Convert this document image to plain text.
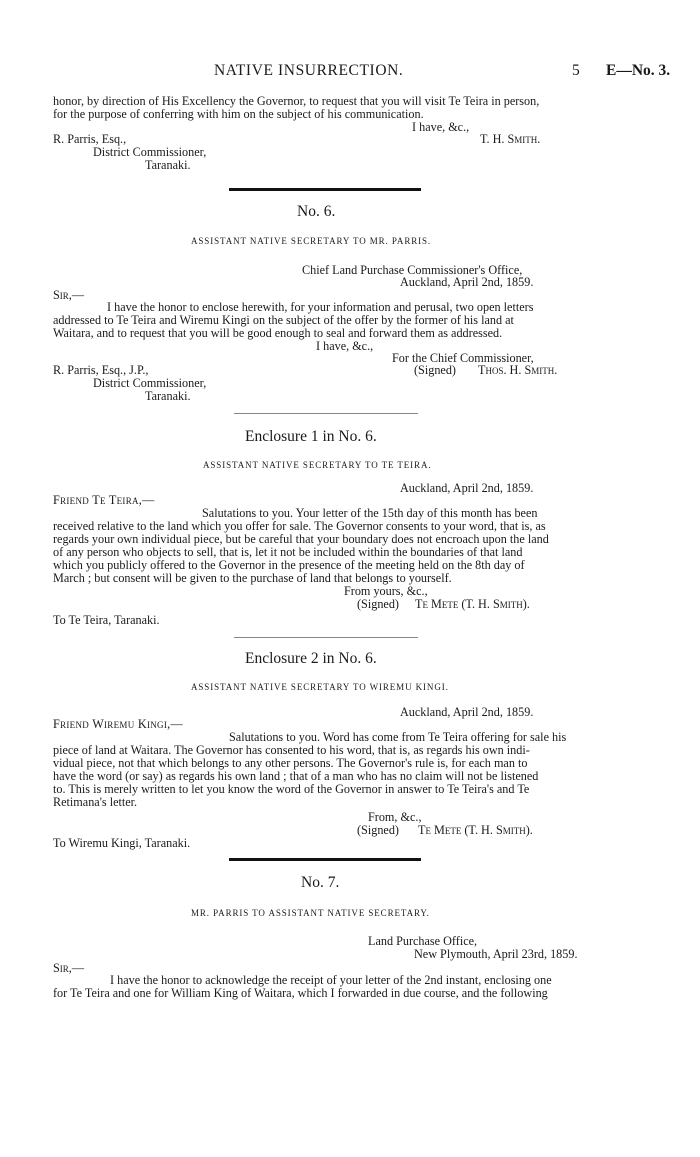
NATIVE INSURRECTION.	5 E—No. 3.
honor, by direction of His Excellency the Governor, to request that you will visit Te Teira in person,
for the purpose of conferring with him on the subject of his communication.
I have, &c.,
T. H. Smith.
R. Parris, Esq.,
District Commissioner,
Taranaki.
No. 6.
ASSISTANT NATIVE SECRETARY TO MR. PARRIS.
Chief Land Purchase Commissioner's Office,
Auckland, April 2nd, 1859.
Sir,—
I have the honor to enclose herewith, for your information and perusal, two open letters
addressed to Te Teira and Wiremu Kingi on the subject of the offer by the former of his land at
Waitara, and to request that you will be good enough to seal and forward them as addressed.
I have, &c.,
For the Chief Commissioner,
(Signed) Thos. H. Smith.
R. Parris, Esq., J.P.,
District Commissioner,
Taranaki.
Enclosure 1 in No. 6.
ASSISTANT NATIVE SECRETARY TO TE TEIRA.
Auckland, April 2nd, 1859.
Friend Te Teira,—
Salutations to you. Your letter of the 15th day of this month has been
received relative to the land which you offer for sale. The Governor consents to your word, that is, as
regards your own individual piece, but be careful that your boundary does not encroach upon the land
of any person who objects to sell, that is, let it not be included within the boundaries of that land
which you publicly offered to the Governor in the presence of the meeting held on the 8th day of
March ; but consent will be given to the purchase of land that belongs to yourself.
From yours, &c.,
(Signed) Te Mete (T. H. Smith).
To Te Teira, Taranaki.
Enclosure 2 in No. 6.
ASSISTANT NATIVE SECRETARY TO WIREMU KINGI.
Auckland, April 2nd, 1859.
Friend Wiremu Kingi,—
Salutations to you. Word has come from Te Teira offering for sale his
piece of land at Waitara. The Governor has consented to his word, that is, as regards his own indi-
vidual piece, not that which belongs to any other persons. The Governor's rule is, for each man to
have the word (or say) as regards his own land ; that of a man who has no claim will not be listened
to. This is merely written to let you know the word of the Governor in answer to Te Teira's and Te
Retimana's letter.
From, &c.,
(Signed) Te Mete (T. H. Smith).
To Wiremu Kingi, Taranaki.
No. 7.
MR. PARRIS TO ASSISTANT NATIVE SECRETARY.
Land Purchase Office,
New Plymouth, April 23rd, 1859.
Sir,—
I have the honor to acknowledge the receipt of your letter of the 2nd instant, enclosing one
for Te Teira and one for William King of Waitara, which I forwarded in due course, and the following
